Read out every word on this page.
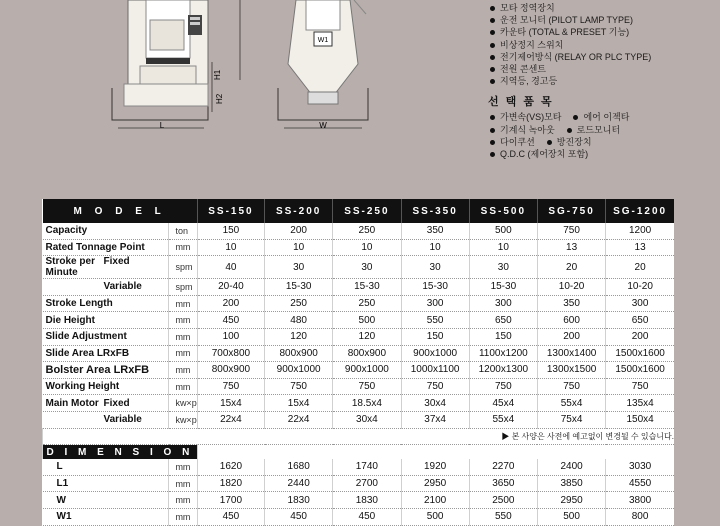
H1
H2
L
W1
W
모타 정역장치
운전 모니터 (PILOT LAMP TYPE)
카운타 (TOTAL & PRESET 기능)
비상정지 스위치
전기제어방식 (RELAY OR PLC TYPE)
전원 콘센트
지역등, 경고등
선 택 품 목
가변속(VS)모타 에어 이젝타
기계식 녹아웃 로드모니터
다이쿠션 방진장치
Q.D.C (제어장치 포함)
M O D E L		SS-150	SS-200	SS-250	SS-350	SS-500	SG-750	SG-1200
Capacity	ton	150	200	250	350	500	750	1200
Rated Tonnage Point	mm	10	10	10	10	10	13	13
Stroke per MinuteFixed	spm	40	30	30	30	30	20	20
Variable	spm	20-40	15-30	15-30	15-30	15-30	10-20	10-20
Stroke Length	mm	200	250	250	300	300	350	300
Die Height	mm	450	480	500	550	650	600	650
Slide Adjustment	mm	100	120	120	150	150	200	200
Slide Area LRxFB	mm	700x800	800x900	800x900	900x1000	1100x1200	1300x1400	1500x1600
Bolster Area LRxFB	mm	800x900	900x1000	900x1000	1000x1100	1200x1300	1300x1500	1500x1600
Working Height	mm	750	750	750	750	750	750	750
Main Motor Fixed	kw×p	15x4	15x4	18.5x4	30x4	45x4	55x4	135x4
Variable	kw×p	22x4	22x4	30x4	37x4	55x4	75x4	150x4
▶ 본 사양은 사전에 예고없이 변경될 수 있습니다.								
D I M E N S I O N								
L	mm	1620	1680	1740	1920	2270	2400	3030
L1	mm	1820	2440	2700	2950	3650	3850	4550
W	mm	1700	1830	1830	2100	2500	2950	3800
W1	mm	450	450	450	500	550	500	800
